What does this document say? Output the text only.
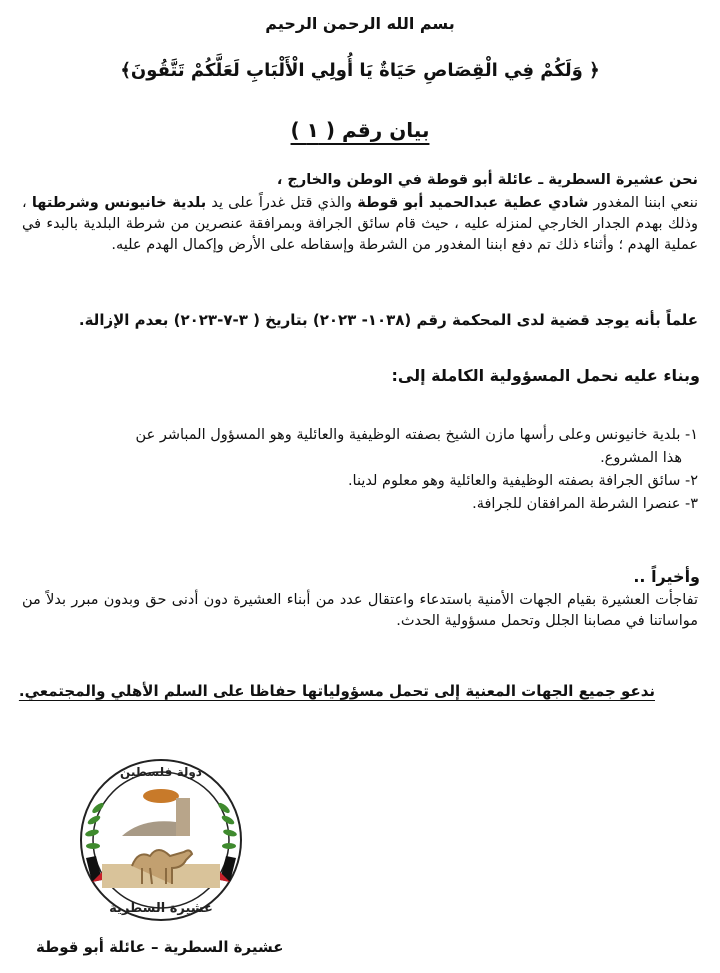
بسم الله الرحمن الرحيم
﴿ وَلَكُمْ فِي الْقِصَاصِ حَيَاةٌ يَا أُولِي الْأَلْبَابِ لَعَلَّكُمْ تَتَّقُونَ﴾
بيان رقم ( ١ )
نحن عشيرة السطرية ـ عائلة أبو قوطة في الوطن والخارج ،
ننعي ابننا المغدور شادي عطية عبدالحميد أبو قوطة والذي قتل غدراً على يد بلدية خانيونس وشرطتها ، وذلك بهدم الجدار الخارجي لمنزله عليه ، حيث قام سائق الجرافة وبمرافقة عنصرين من شرطة البلدية بالبدء في عملية الهدم ؛ وأثناء ذلك تم دفع ابننا المغدور من الشرطة وإسقاطه على الأرض وإكمال الهدم عليه.
علماً بأنه يوجد قضية لدى المحكمة رقم (١٠٣٨- ٢٠٢٣) بتاريخ ( ٣-٧-٢٠٢٣) بعدم الإزالة.
وبناء عليه نحمل المسؤولية الكاملة إلى:
١- بلدية خانيونس وعلى رأسها مازن الشيخ بصفته الوظيفية والعائلية وهو المسؤول المباشر عن
هذا المشروع.
٢- سائق الجرافة بصفته الوظيفية والعائلية وهو معلوم لدينا.
٣- عنصرا الشرطة المرافقان للجرافة.
وأخيراً ..
تفاجأت العشيرة بقيام الجهات الأمنية باستدعاء واعتقال عدد من أبناء العشيرة دون أدنى حق وبدون مبرر بدلاً من مواساتنا في مصابنا الجلل وتحمل مسؤولية الحدث.
ندعو جميع الجهات المعنية إلى تحمل مسؤولياتها حفاظا على السلم الأهلي والمجتمعي.
دولة فلسطين
عشيرة السطرية
عشيرة السطرية – عائلة أبو قوطة
